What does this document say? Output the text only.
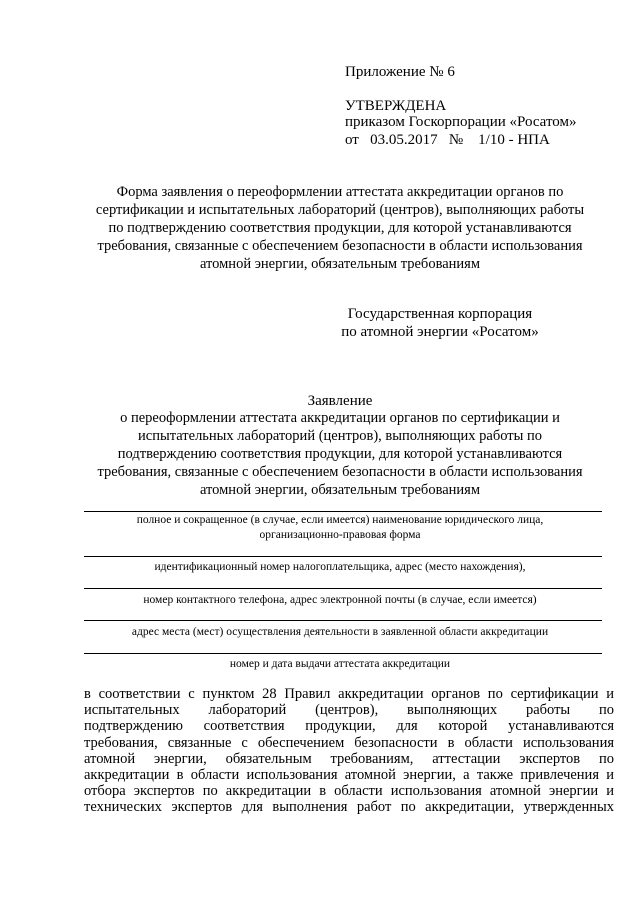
Приложение № 6
УТВЕРЖДЕНА
приказом Госкорпорации «Росатом»
от   03.05.2017   №    1/10 - НПА
Форма заявления о переоформлении аттестата аккредитации органов по
сертификации и испытательных лабораторий (центров), выполняющих работы
по подтверждению соответствия продукции, для которой устанавливаются
требования, связанные с обеспечением безопасности в области использования
атомной энергии, обязательным требованиям
Государственная корпорация
по атомной энергии «Росатом»
Заявление
о переоформлении аттестата аккредитации органов по сертификации и
испытательных лабораторий (центров), выполняющих работы по
подтверждению соответствия продукции, для которой устанавливаются
требования, связанные с обеспечением безопасности в области использования
атомной энергии, обязательным требованиям
полное и сокращенное (в случае, если имеется) наименование юридического лица,
организационно-правовая форма
идентификационный номер налогоплательщика, адрес (место нахождения),
номер контактного телефона, адрес электронной почты (в случае, если имеется)
адрес места (мест) осуществления деятельности в заявленной области аккредитации
номер и дата выдачи аттестата аккредитации
в соответствии с пунктом 28 Правил аккредитации органов по сертификации и
испытательных лабораторий (центров), выполняющих работы по
подтверждению соответствия продукции, для которой устанавливаются
требования, связанные с обеспечением безопасности в области использования
атомной энергии, обязательным требованиям, аттестации экспертов по
аккредитации в области использования атомной энергии, а также привлечения и
отбора экспертов по аккредитации в области использования атомной энергии и
технических экспертов для выполнения работ по аккредитации, утвержденных
